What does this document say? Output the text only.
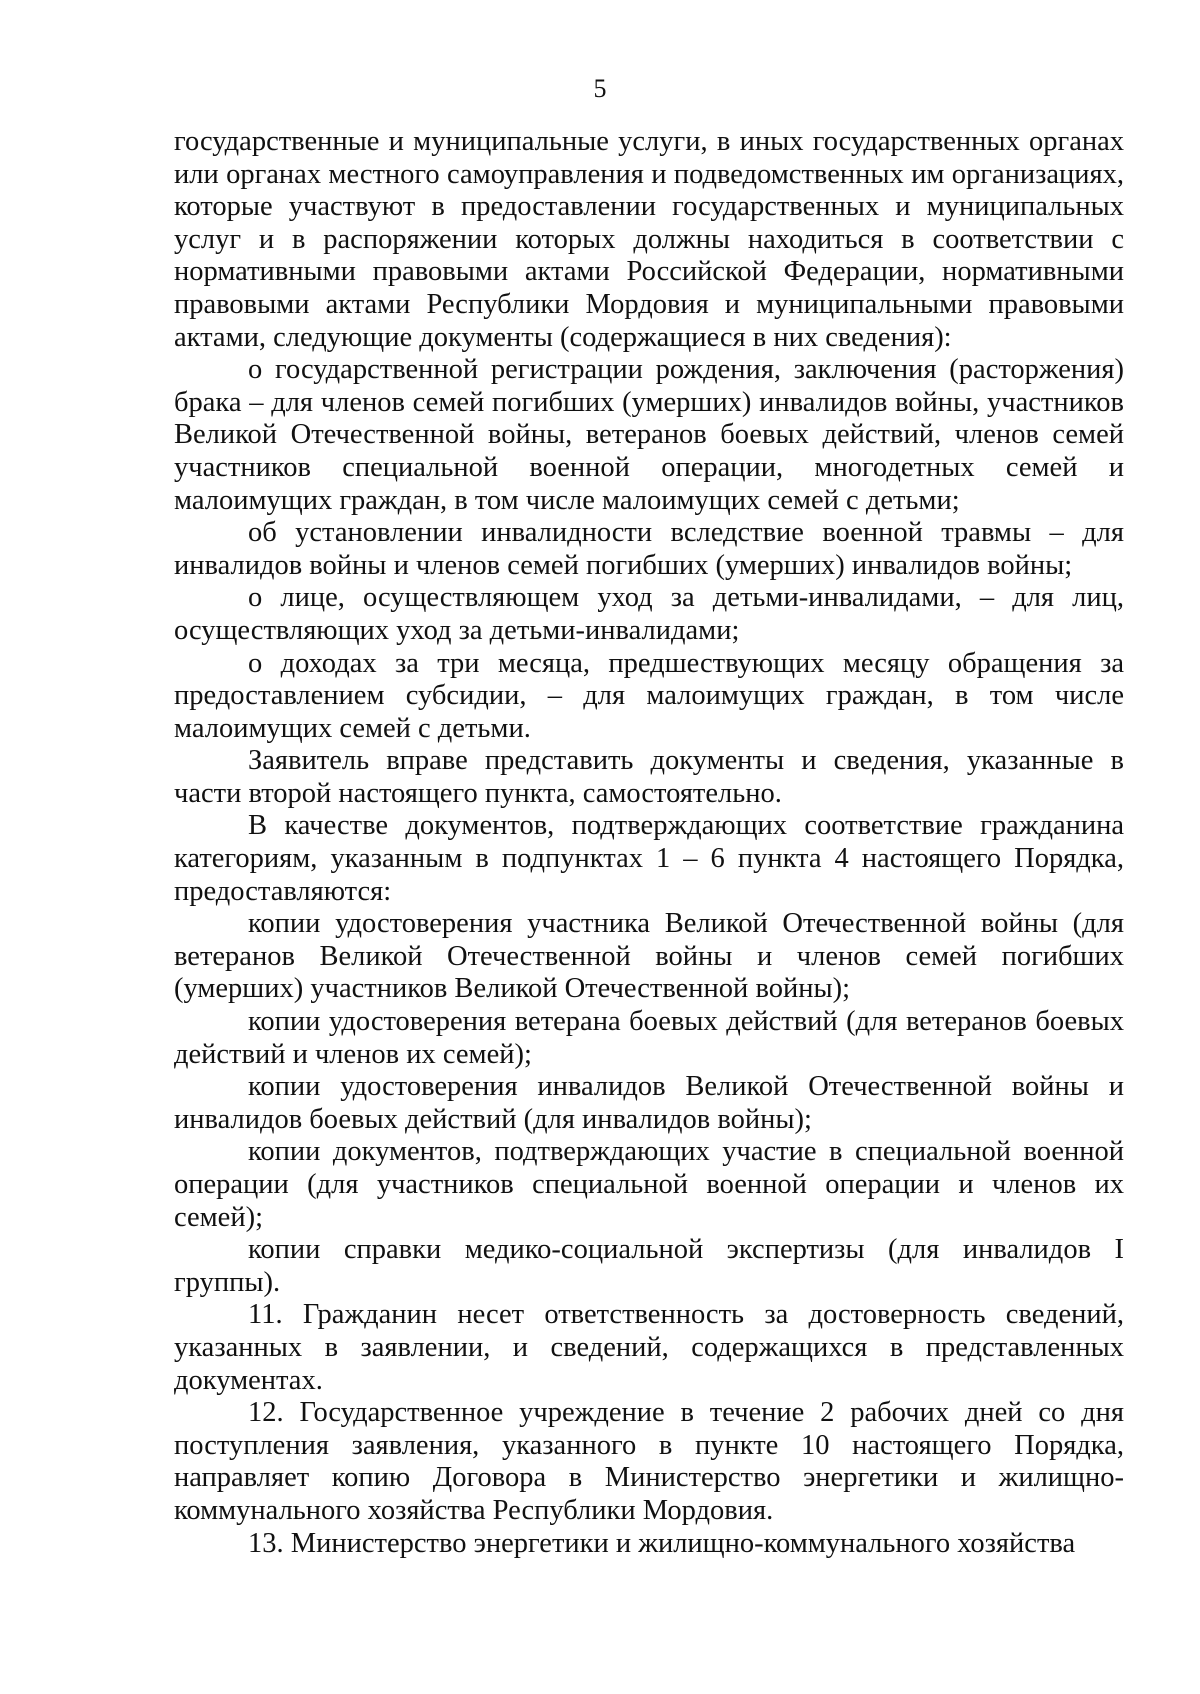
5

государственные и муниципальные услуги, в иных государственных органах или органах местного самоуправления и подведомственных им организациях, которые участвуют в предоставлении государственных и муниципальных услуг и в распоряжении которых должны находиться в соответствии с нормативными правовыми актами Российской Федерации, нормативными правовыми актами Республики Мордовия и муниципальными правовыми актами, следующие документы (содержащиеся в них сведения):

о государственной регистрации рождения, заключения (расторжения) брака – для членов семей погибших (умерших) инвалидов войны, участников Великой Отечественной войны, ветеранов боевых действий, членов семей участников специальной военной операции, многодетных семей и малоимущих граждан, в том числе малоимущих семей с детьми;

об установлении инвалидности вследствие военной травмы – для инвалидов войны и членов семей погибших (умерших) инвалидов войны;

о лице, осуществляющем уход за детьми-инвалидами, – для лиц, осуществляющих уход за детьми-инвалидами;

о доходах за три месяца, предшествующих месяцу обращения за предоставлением субсидии, – для малоимущих граждан, в том числе малоимущих семей с детьми.

Заявитель вправе представить документы и сведения, указанные в части второй настоящего пункта, самостоятельно.

В качестве документов, подтверждающих соответствие гражданина категориям, указанным в подпунктах 1 – 6 пункта 4 настоящего Порядка, предоставляются:

копии удостоверения участника Великой Отечественной войны (для ветеранов Великой Отечественной войны и членов семей погибших (умерших) участников Великой Отечественной войны);

копии удостоверения ветерана боевых действий (для ветеранов боевых действий и членов их семей);

копии удостоверения инвалидов Великой Отечественной войны и инвалидов боевых действий (для инвалидов войны);

копии документов, подтверждающих участие в специальной военной операции (для участников специальной военной операции и членов их семей);

копии справки медико-социальной экспертизы (для инвалидов I группы).

11. Гражданин несет ответственность за достоверность сведений, указанных в заявлении, и сведений, содержащихся в представленных документах.

12. Государственное учреждение в течение 2 рабочих дней со дня поступления заявления, указанного в пункте 10 настоящего Порядка, направляет копию Договора в Министерство энергетики и жилищно-коммунального хозяйства Республики Мордовия.

13. Министерство энергетики и жилищно-коммунального хозяйства
